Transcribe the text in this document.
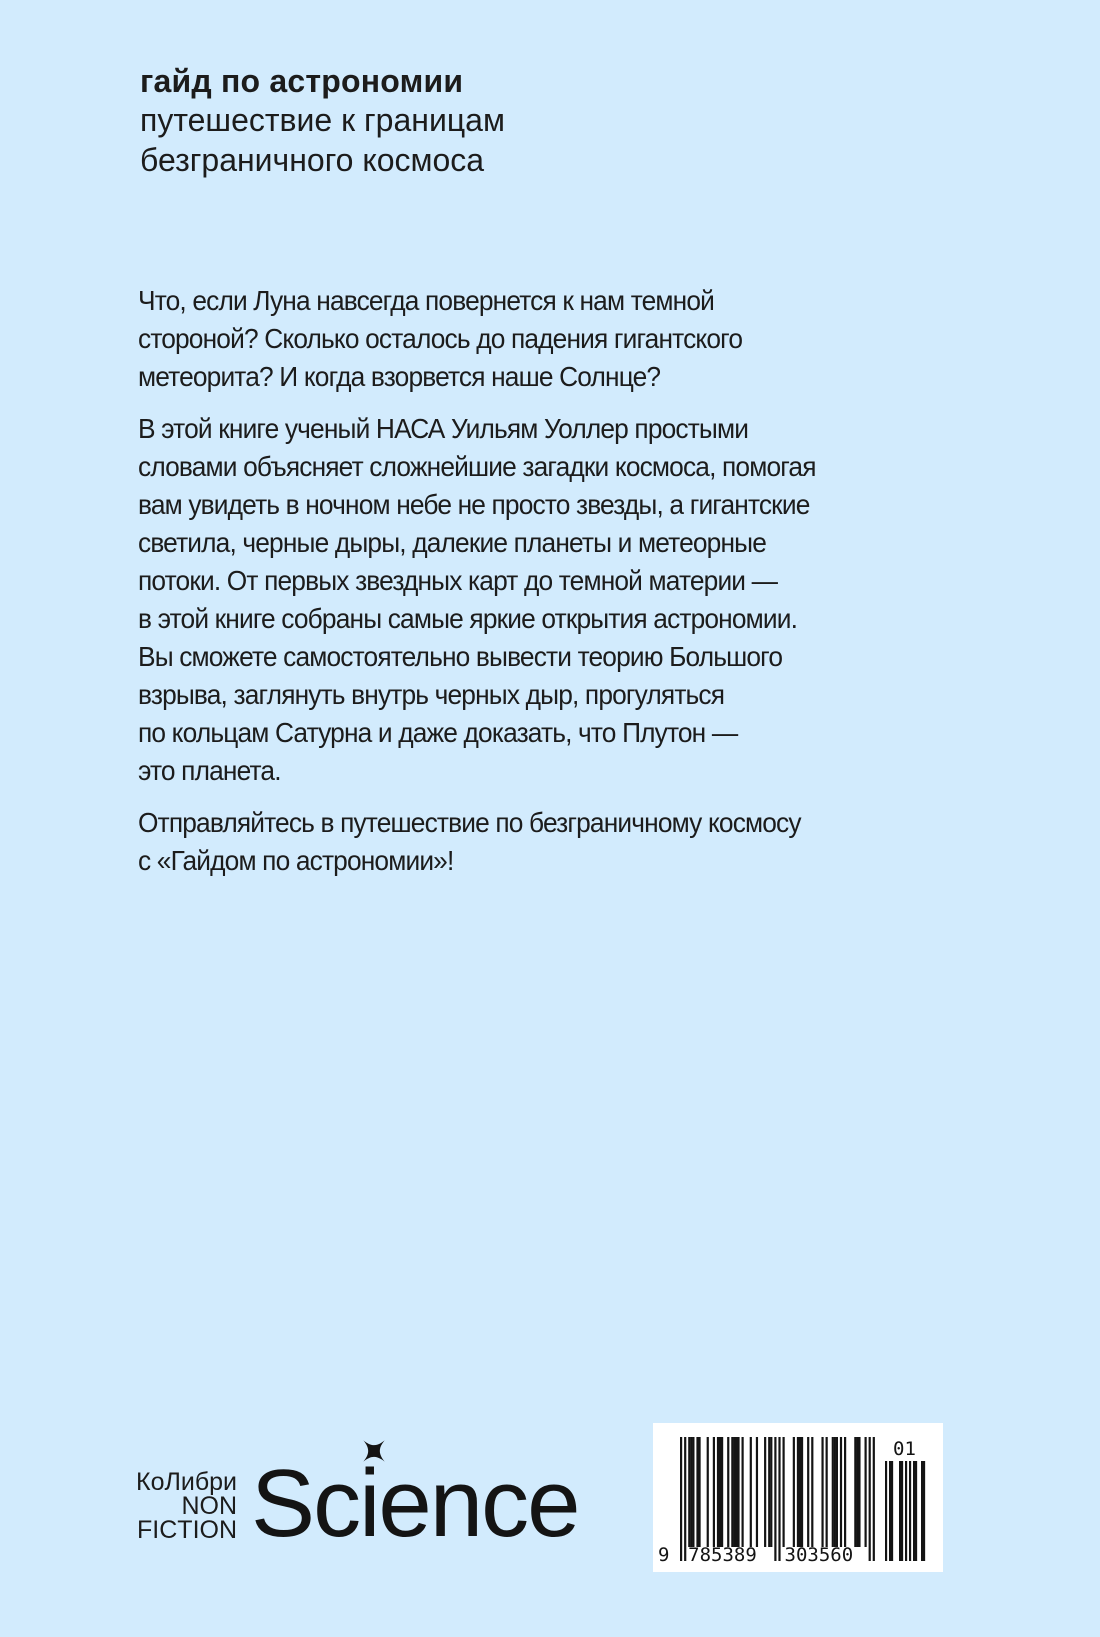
гайд по астрономии
путешествие к границам
безграничного космоса

Что, если Луна навсегда повернется к нам темной
стороной? Сколько осталось до падения гигантского
метеорита? И когда взорвется наше Солнце?

В этой книге ученый НАСА Уильям Уоллер простыми
словами объясняет сложнейшие загадки космоса, помогая
вам увидеть в ночном небе не просто звезды, а гигантские
светила, черные дыры, далекие планеты и метеорные
потоки. От первых звездных карт до темной материи —
в этой книге собраны самые яркие открытия астрономии.
Вы сможете самостоятельно вывести теорию Большого
взрыва, заглянуть внутрь черных дыр, прогуляться
по кольцам Сатурна и даже доказать, что Плутон —
это планета.

Отправляйтесь в путешествие по безграничному космосу
с «Гайдом по астрономии»!

КоЛибри
NON
FICTION Science	9 785389 303560
01
